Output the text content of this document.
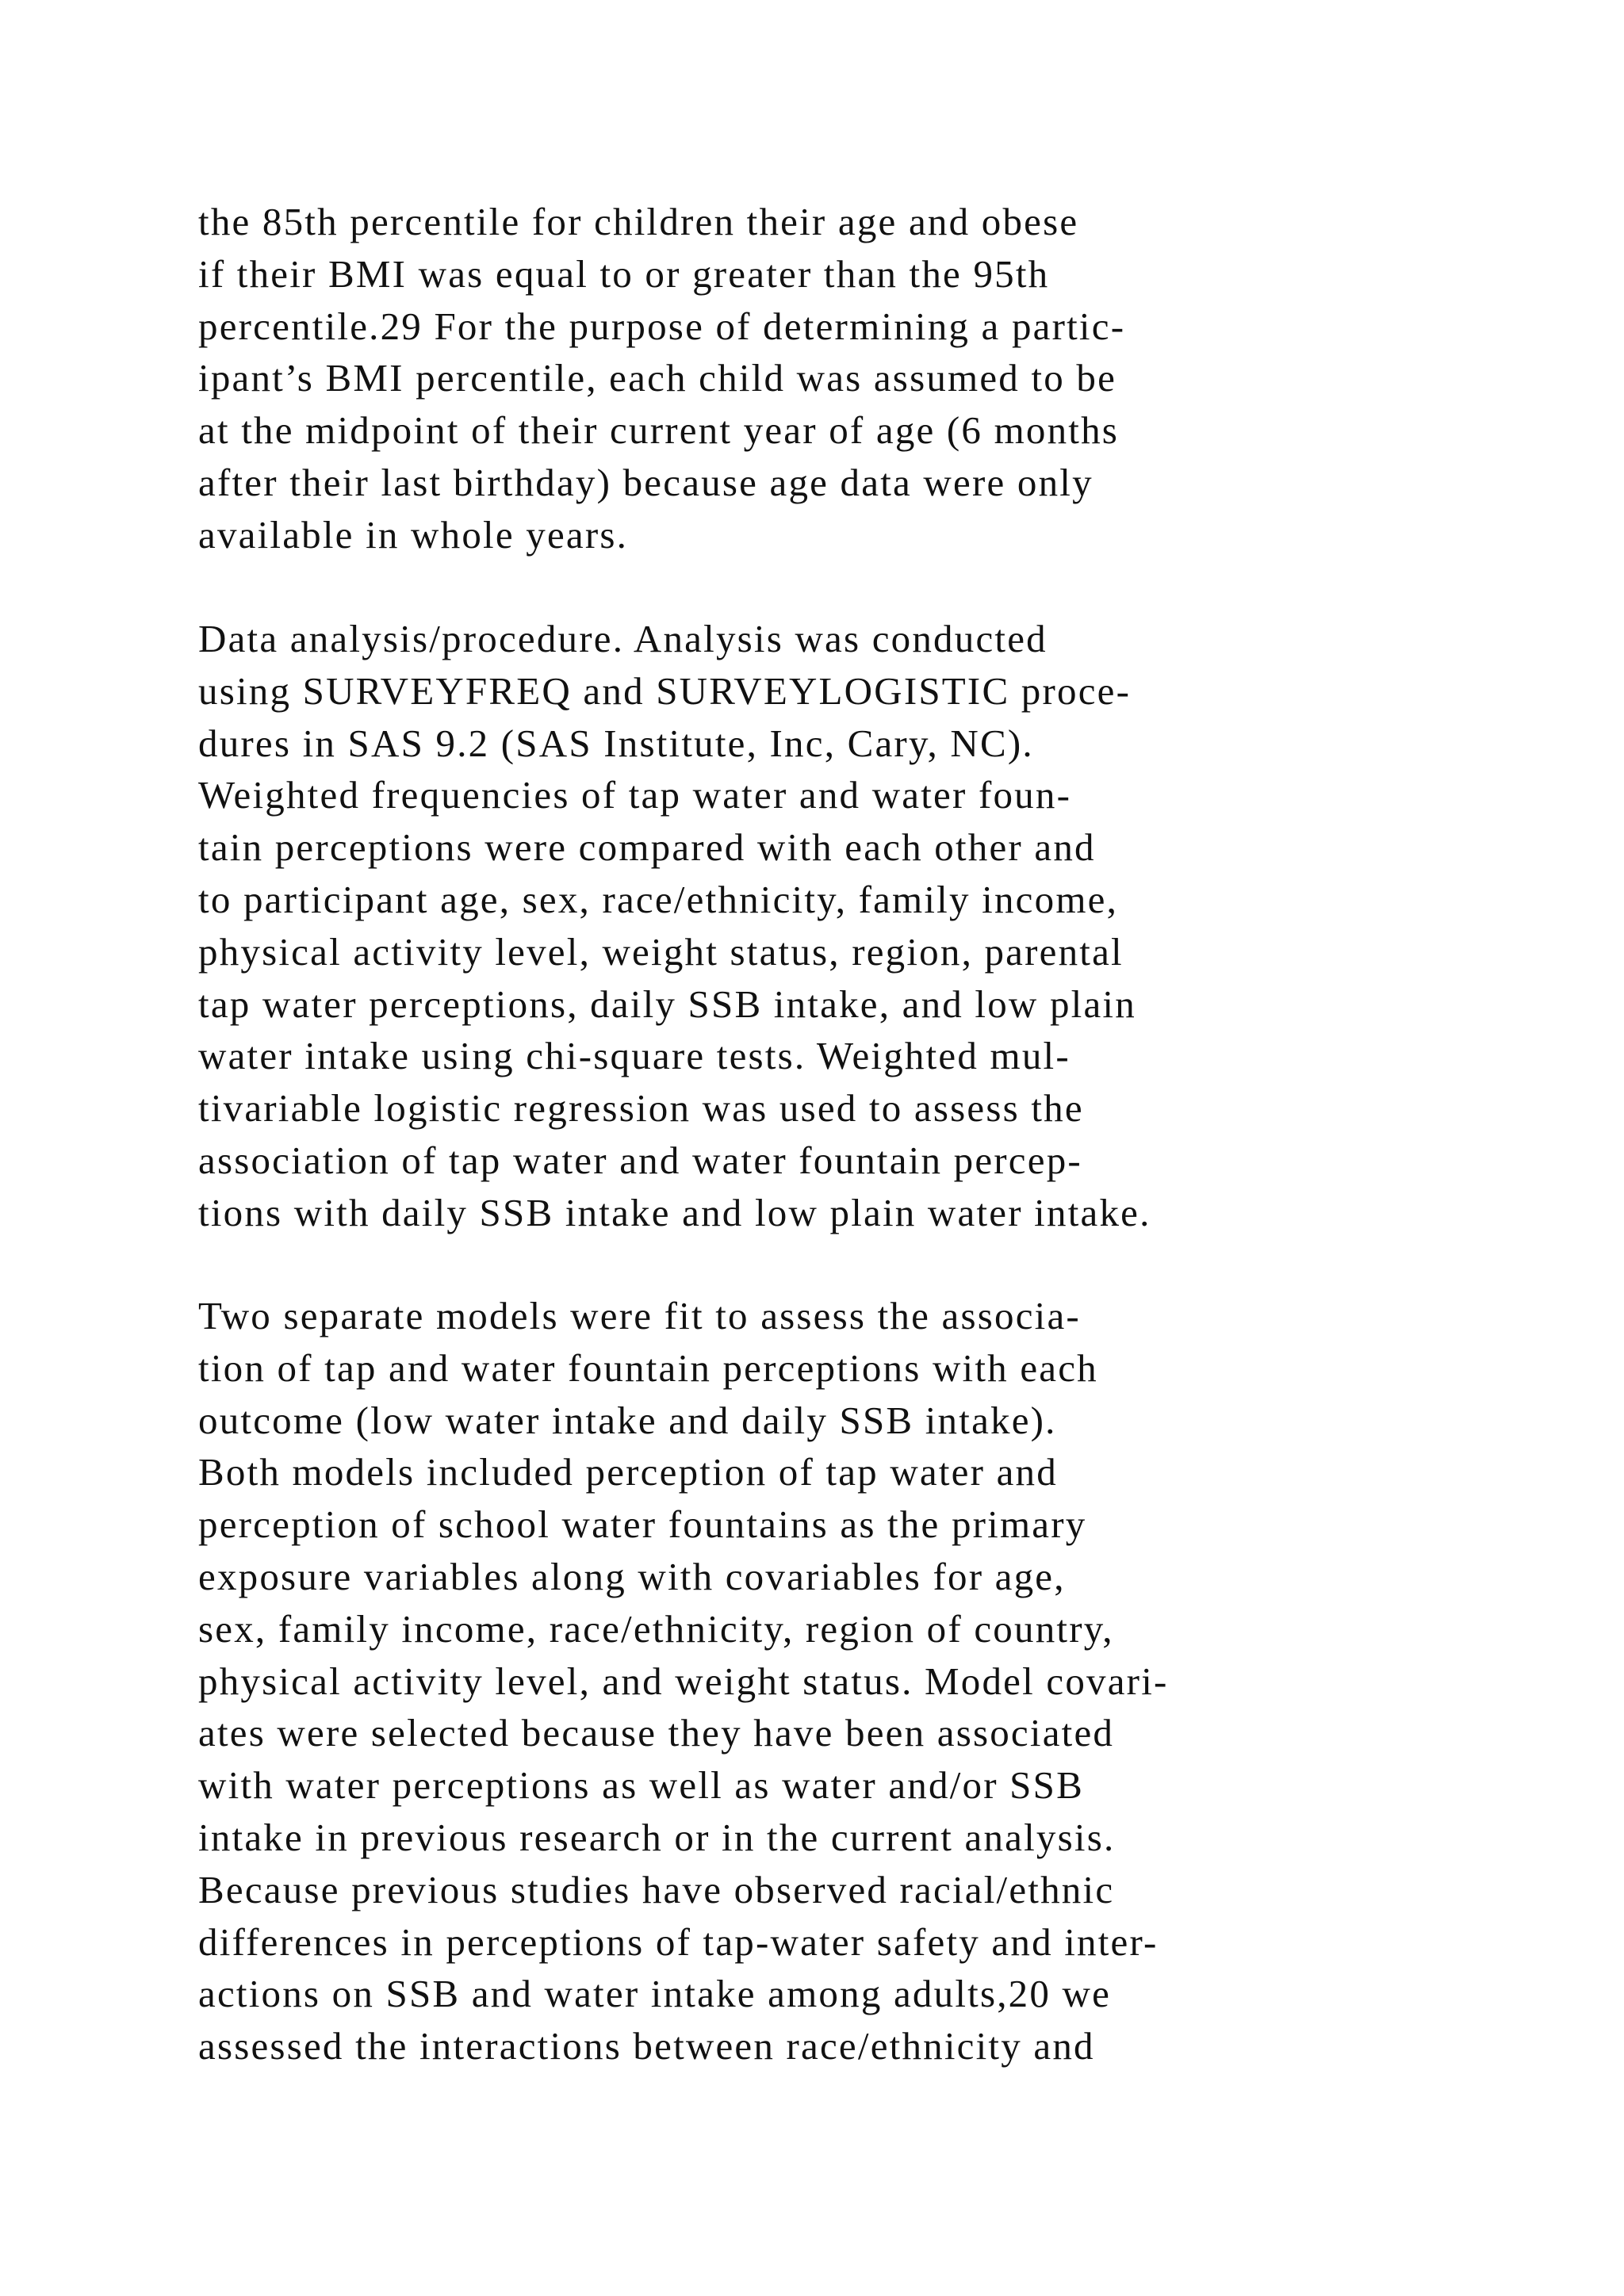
the 85th percentile for children their age and obese
if their BMI was equal to or greater than the 95th
percentile.29 For the purpose of determining a partic-
ipant’s BMI percentile, each child was assumed to be
at the midpoint of their current year of age (6 months
after their last birthday) because age data were only
available in whole years.
Data analysis/procedure. Analysis was conducted
using SURVEYFREQ and SURVEYLOGISTIC proce-
dures in SAS 9.2 (SAS Institute, Inc, Cary, NC).
Weighted frequencies of tap water and water foun-
tain perceptions were compared with each other and
to participant age, sex, race/ethnicity, family income,
physical activity level, weight status, region, parental
tap water perceptions, daily SSB intake, and low plain
water intake using chi-square tests. Weighted mul-
tivariable logistic regression was used to assess the
association of tap water and water fountain percep-
tions with daily SSB intake and low plain water intake.
Two separate models were fit to assess the associa-
tion of tap and water fountain perceptions with each
outcome (low water intake and daily SSB intake).
Both models included perception of tap water and
perception of school water fountains as the primary
exposure variables along with covariables for age,
sex, family income, race/ethnicity, region of country,
physical activity level, and weight status. Model covari-
ates were selected because they have been associated
with water perceptions as well as water and/or SSB
intake in previous research or in the current analysis.
Because previous studies have observed racial/ethnic
differences in perceptions of tap-water safety and inter-
actions on SSB and water intake among adults,20 we
assessed the interactions between race/ethnicity and
